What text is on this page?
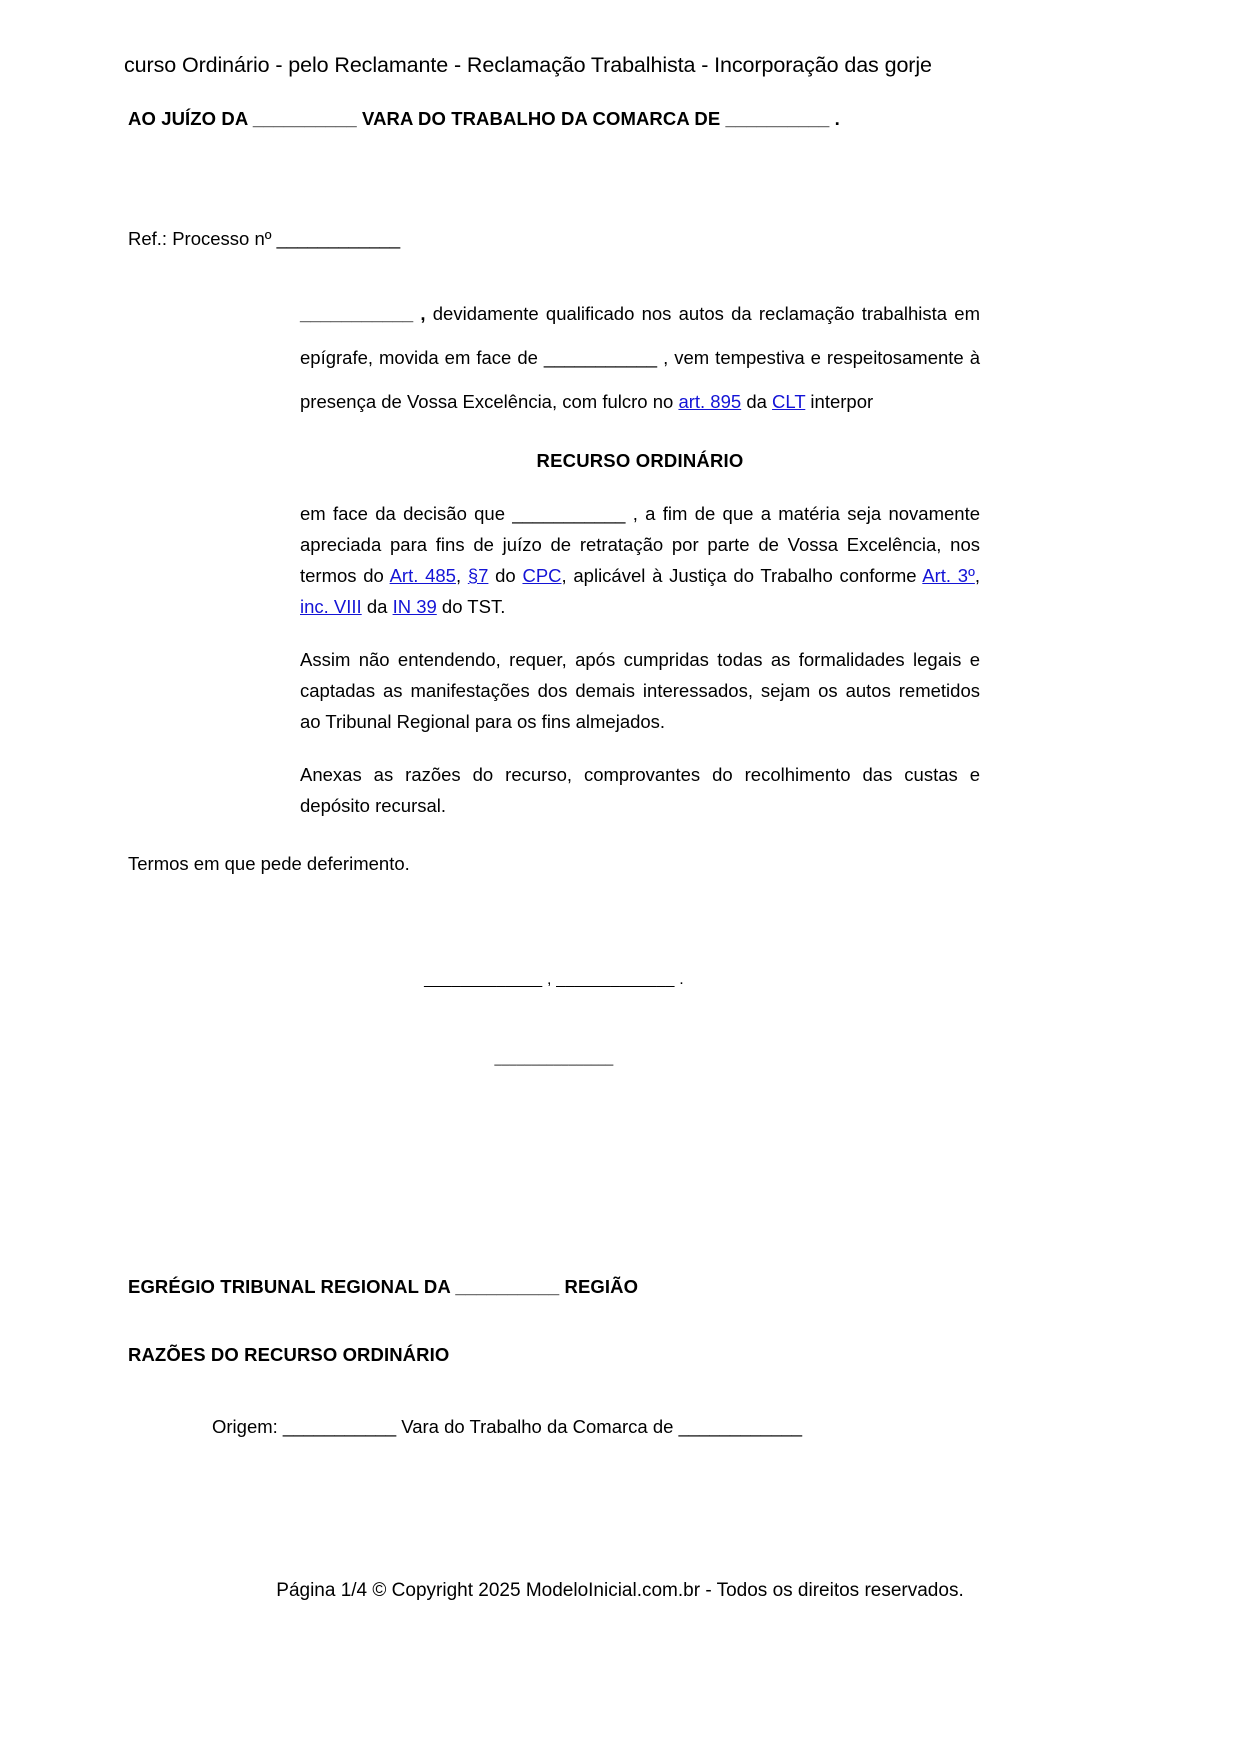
curso Ordinário - pelo Reclamante - Reclamação Trabalhista - Incorporação das gorje
AO JUÍZO DA __________ VARA DO TRABALHO DA COMARCA DE __________ .
Ref.: Processo nº ____________

___________ , devidamente qualificado nos autos da reclamação trabalhista em epígrafe, movida em face de ___________ , vem tempestiva e respeitosamente à presença de Vossa Excelência, com fulcro no art. 895 da CLT interpor

RECURSO ORDINÁRIO

em face da decisão que ___________ , a fim de que a matéria seja novamente apreciada para fins de juízo de retratação por parte de Vossa Excelência, nos termos do Art. 485, §7 do CPC, aplicável à Justiça do Trabalho conforme Art. 3º, inc. VIII da IN 39 do TST.

Assim não entendendo, requer, após cumpridas todas as formalidades legais e captadas as manifestações dos demais interessados, sejam os autos remetidos ao Tribunal Regional para os fins almejados.

Anexas as razões do recurso, comprovantes do recolhimento das custas e depósito recursal.

Termos em que pede deferimento.
_____________ , _____________ .
________________
EGRÉGIO TRIBUNAL REGIONAL DA __________ REGIÃO
RAZÕES DO RECURSO ORDINÁRIO
Origem: ___________ Vara do Trabalho da Comarca de ____________
Página 1/4 © Copyright 2025 ModeloInicial.com.br - Todos os direitos reservados.
